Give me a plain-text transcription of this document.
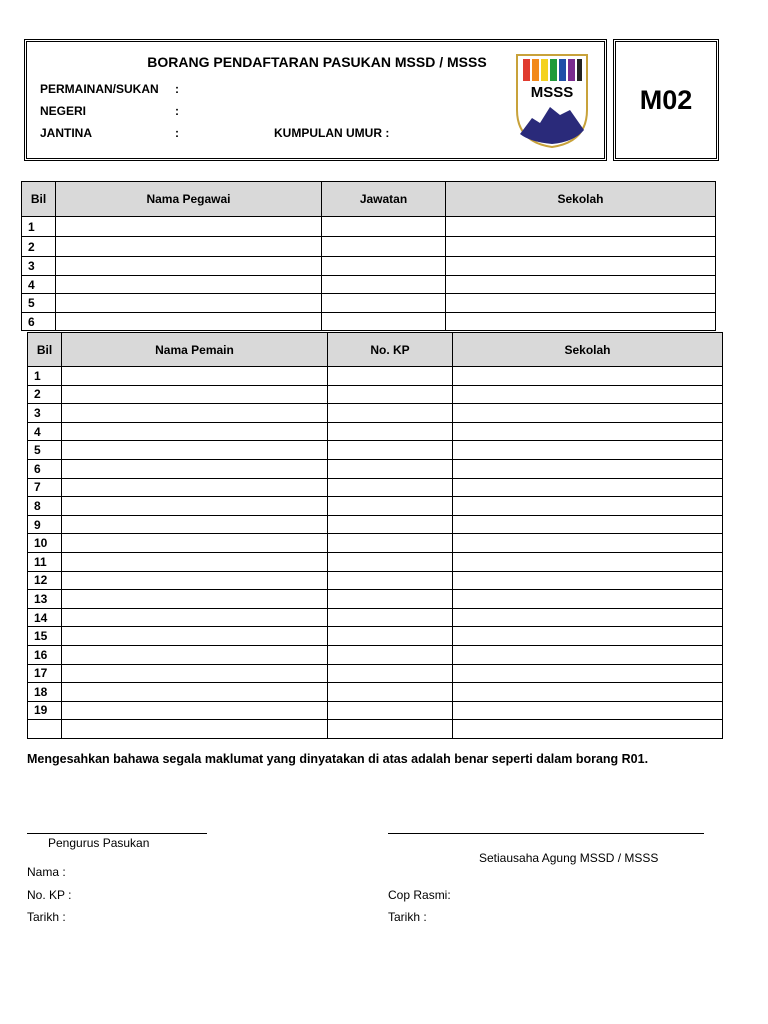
BORANG PENDAFTARAN PASUKAN MSSD / MSSS
PERMAINAN/SUKAN :
NEGERI	:
JANTINA	:	KUMPULAN UMUR :
MSSS M02
Bil	Nama Pegawai	Jawatan	Sekolah
1			
2			
3			
4			
5			
6			
Bil	Nama Pemain	No. KP	Sekolah
1			
2			
3			
4			
5			
6			
7			
8			
9			
10			
11			
12			
13			
14			
15			
16			
17			
18			
19			

Mengesahkan bahawa segala maklumat yang dinyatakan di atas adalah benar seperti dalam borang R01.
Pengurus Pasukan
Nama :
No. KP :
Tarikh :
Setiausaha Agung MSSD / MSSS
Cop Rasmi:
Tarikh :
